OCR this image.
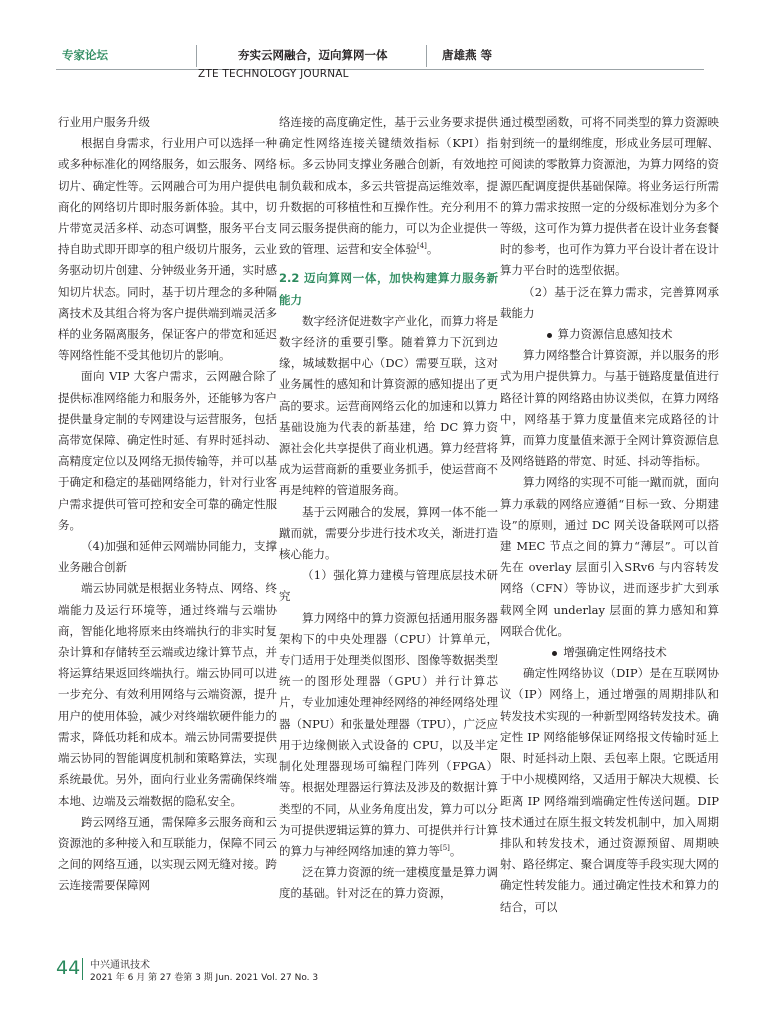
专家论坛	夯实云网融合，迈向算网一体	唐雄燕 等
ZTE TECHNOLOGY JOURNAL

行业用户服务升级

根据自身需求，行业用户可以选择一种或多种标准化的网络服务，如云服务、网络切片、确定性等。云网融合可为用户提供电商化的网络切片即时服务新体验。其中，切片带宽灵活多样、动态可调整，服务平台支持自助式即开即享的租户级切片服务，云业务驱动切片创建、分钟级业务开通，实时感知切片状态。同时，基于切片理念的多种隔离技术及其组合将为客户提供端到端灵活多样的业务隔离服务，保证客户的带宽和延迟等网络性能不受其他切片的影响。

面向 VIP 大客户需求，云网融合除了提供标准网络能力和服务外，还能够为客户提供量身定制的专网建设与运营服务，包括高带宽保障、确定性时延、有界时延抖动、高精度定位以及网络无损传输等，并可以基于确定和稳定的基础网络能力，针对行业客户需求提供可管可控和安全可靠的确定性服务。

（4)加强和延伸云网端协同能力，支撑业务融合创新

端云协同就是根据业务特点、网络、终端能力及运行环境等，通过终端与云端协商，智能化地将原来由终端执行的非实时复杂计算和存储转至云端或边缘计算节点，并将运算结果返回终端执行。端云协同可以进一步充分、有效利用网络与云端资源，提升用户的使用体验，减少对终端软硬件能力的需求，降低功耗和成本。端云协同需要提供端云协同的智能调度机制和策略算法，实现系统最优。另外，面向行业业务需确保终端本地、边端及云端数据的隐私安全。

跨云网络互通，需保障多云服务商和云资源池的多种接入和互联能力，保障不同云之间的网络互通，以实现云网无缝对接。跨云连接需要保障网

络连接的高度确定性，基于云业务要求提供确定性网络连接关键绩效指标（KPI）指标。多云协同支撑业务融合创新，有效地控制负载和成本，多云共管提高运维效率，提升数据的可移植性和互操作性。充分利用不同云服务提供商的能力，可以为企业提供一致的管理、运营和安全体验[4]。

2.2 迈向算网一体，加快构建算力服务新能力

数字经济促进数字产业化，而算力将是数字经济的重要引擎。随着算力下沉到边缘，城域数据中心（DC）需要互联，这对业务属性的感知和计算资源的感知提出了更高的要求。运营商网络云化的加速和以算力基础设施为代表的新基建，给 DC 算力资源社会化共享提供了商业机遇。算力经营将成为运营商新的重要业务抓手，使运营商不再是纯粹的管道服务商。

基于云网融合的发展，算网一体不能一蹴而就，需要分步进行技术攻关，渐进打造核心能力。

（1）强化算力建模与管理底层技术研究

算力网络中的算力资源包括通用服务器架构下的中央处理器（CPU）计算单元，专门适用于处理类似图形、图像等数据类型统一的图形处理器（GPU）并行计算芯片，专业加速处理神经网络的神经网络处理器（NPU）和张量处理器（TPU），广泛应用于边缘侧嵌入式设备的 CPU，以及半定制化处理器现场可编程门阵列（FPGA）等。根据处理器运行算法及涉及的数据计算类型的不同，从业务角度出发，算力可以分为可提供逻辑运算的算力、可提供并行计算的算力与神经网络加速的算力等[5]。

泛在算力资源的统一建模度量是算力调度的基础。针对泛在的算力资源，

通过模型函数，可将不同类型的算力资源映射到统一的量纲维度，形成业务层可理解、可阅读的零散算力资源池，为算力网络的资源匹配调度提供基础保障。将业务运行所需的算力需求按照一定的分级标准划分为多个等级，这可作为算力提供者在设计业务套餐时的参考，也可作为算力平台设计者在设计算力平台时的选型依据。

（2）基于泛在算力需求，完善算网承载能力

算力资源信息感知技术

算力网络整合计算资源，并以服务的形式为用户提供算力。与基于链路度量值进行路径计算的网络路由协议类似，在算力网络中，网络基于算力度量值来完成路径的计算，而算力度量值来源于全网计算资源信息及网络链路的带宽、时延、抖动等指标。

算力网络的实现不可能一蹴而就，面向算力承载的网络应遵循“目标一致、分期建设”的原则，通过 DC 网关设备联网可以搭建 MEC 节点之间的算力“薄层”。可以首先在 overlay 层面引入SRv6 与内容转发网络（CFN）等协议，进而逐步扩大到承载网全网 underlay 层面的算力感知和算网联合优化。

增强确定性网络技术

确定性网络协议（DIP）是在互联网协议（IP）网络上，通过增强的周期排队和转发技术实现的一种新型网络转发技术。确定性 IP 网络能够保证网络报文传输时延上限、时延抖动上限、丢包率上限。它既适用于中小规模网络，又适用于解决大规模、长距离 IP 网络端到端确定性传送问题。DIP技术通过在原生报文转发机制中，加入周期排队和转发技术，通过资源预留、周期映射、路径绑定、聚合调度等手段实现大网的确定性转发能力。通过确定性技术和算力的结合，可以

44 中兴通讯技术
2021 年 6 月 第 27 卷第 3 期 Jun. 2021 Vol. 27 No. 3
